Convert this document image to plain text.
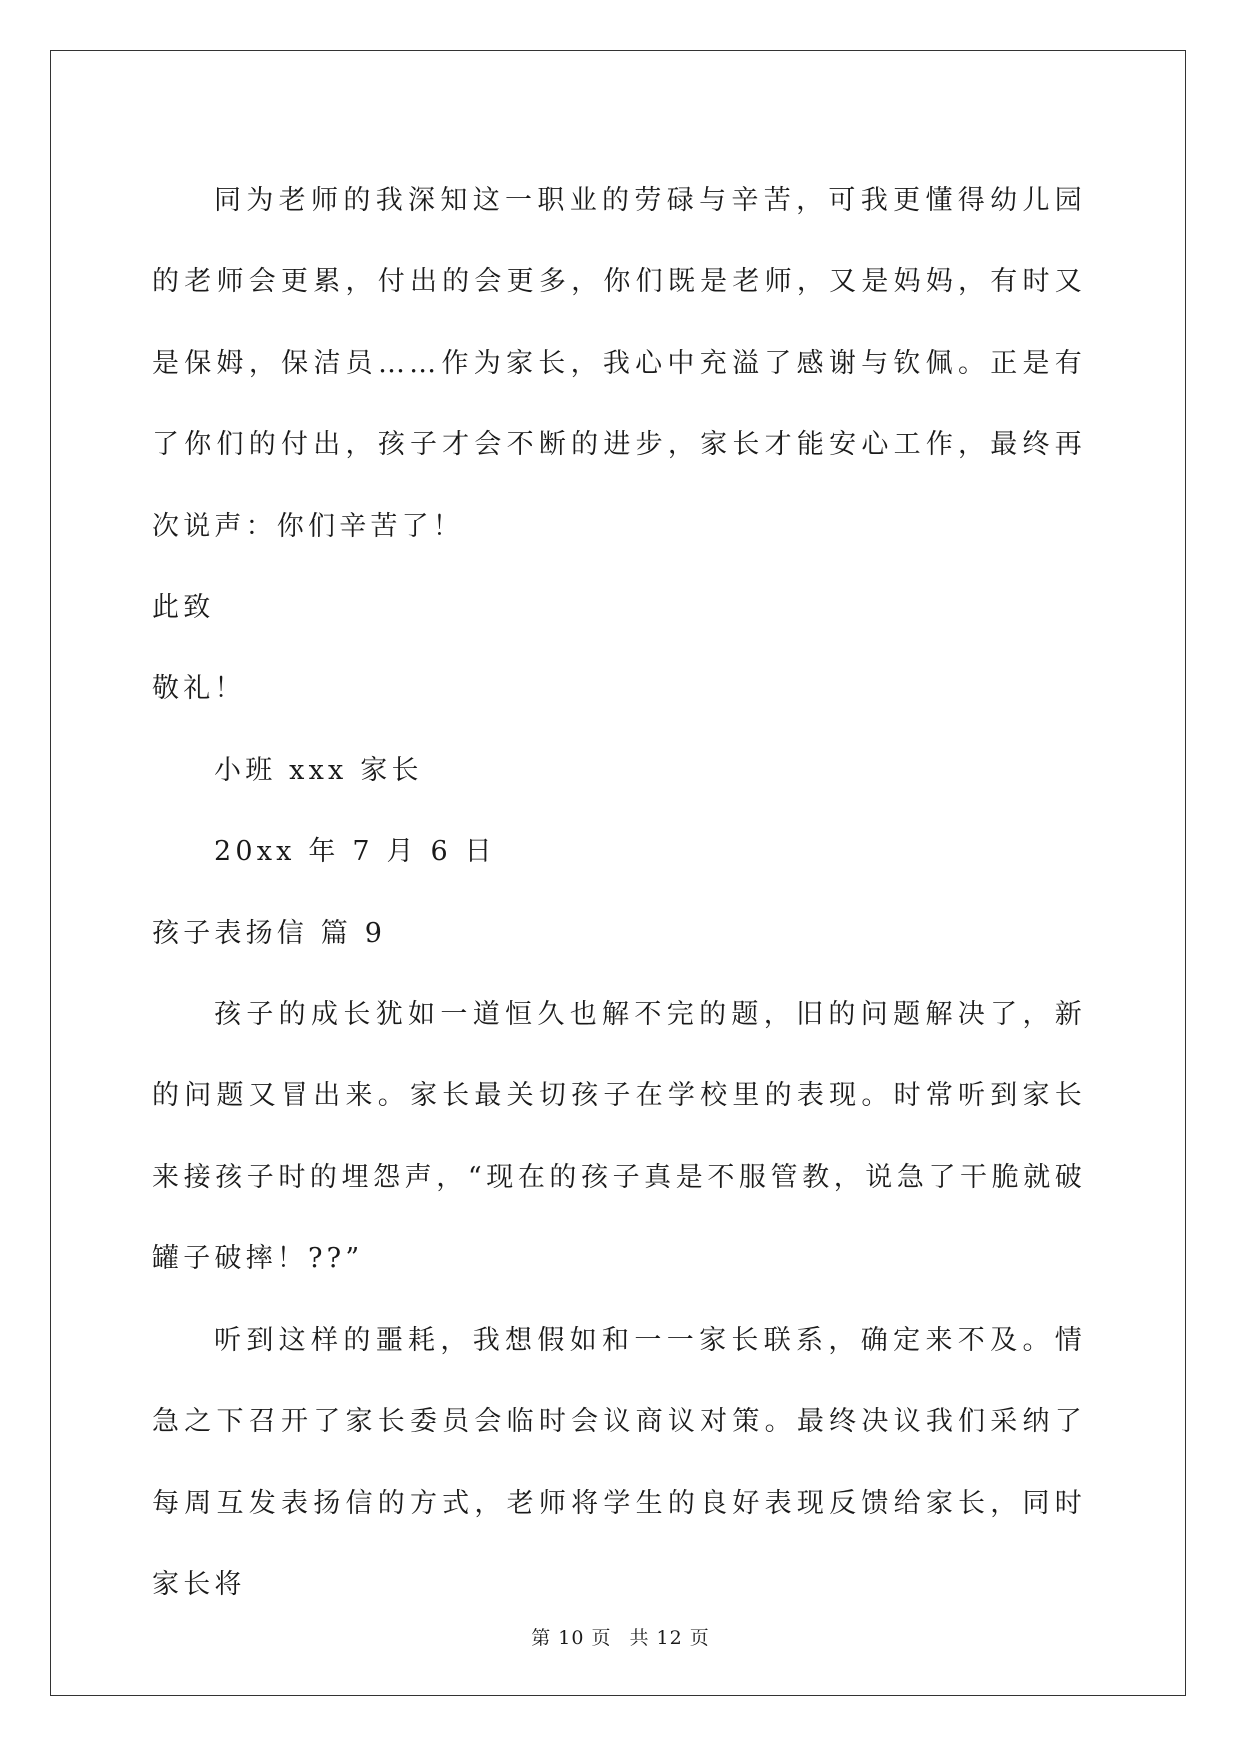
同为老师的我深知这一职业的劳碌与辛苦，可我更懂得幼儿园的老师会更累，付出的会更多，你们既是老师，又是妈妈，有时又是保姆，保洁员……作为家长，我心中充溢了感谢与钦佩。正是有了你们的付出，孩子才会不断的进步，家长才能安心工作，最终再次说声：你们辛苦了！

此致

敬礼！

小班 xxx 家长

20xx 年 7 月 6 日

孩子表扬信 篇 9

孩子的成长犹如一道恒久也解不完的题，旧的问题解决了，新的问题又冒出来。家长最关切孩子在学校里的表现。时常听到家长来接孩子时的埋怨声，“现在的孩子真是不服管教，说急了干脆就破罐子破摔！??”

听到这样的噩耗，我想假如和一一家长联系，确定来不及。情急之下召开了家长委员会临时会议商议对策。最终决议我们采纳了每周互发表扬信的方式，老师将学生的良好表现反馈给家长，同时家长将

第 10 页 共 12 页
